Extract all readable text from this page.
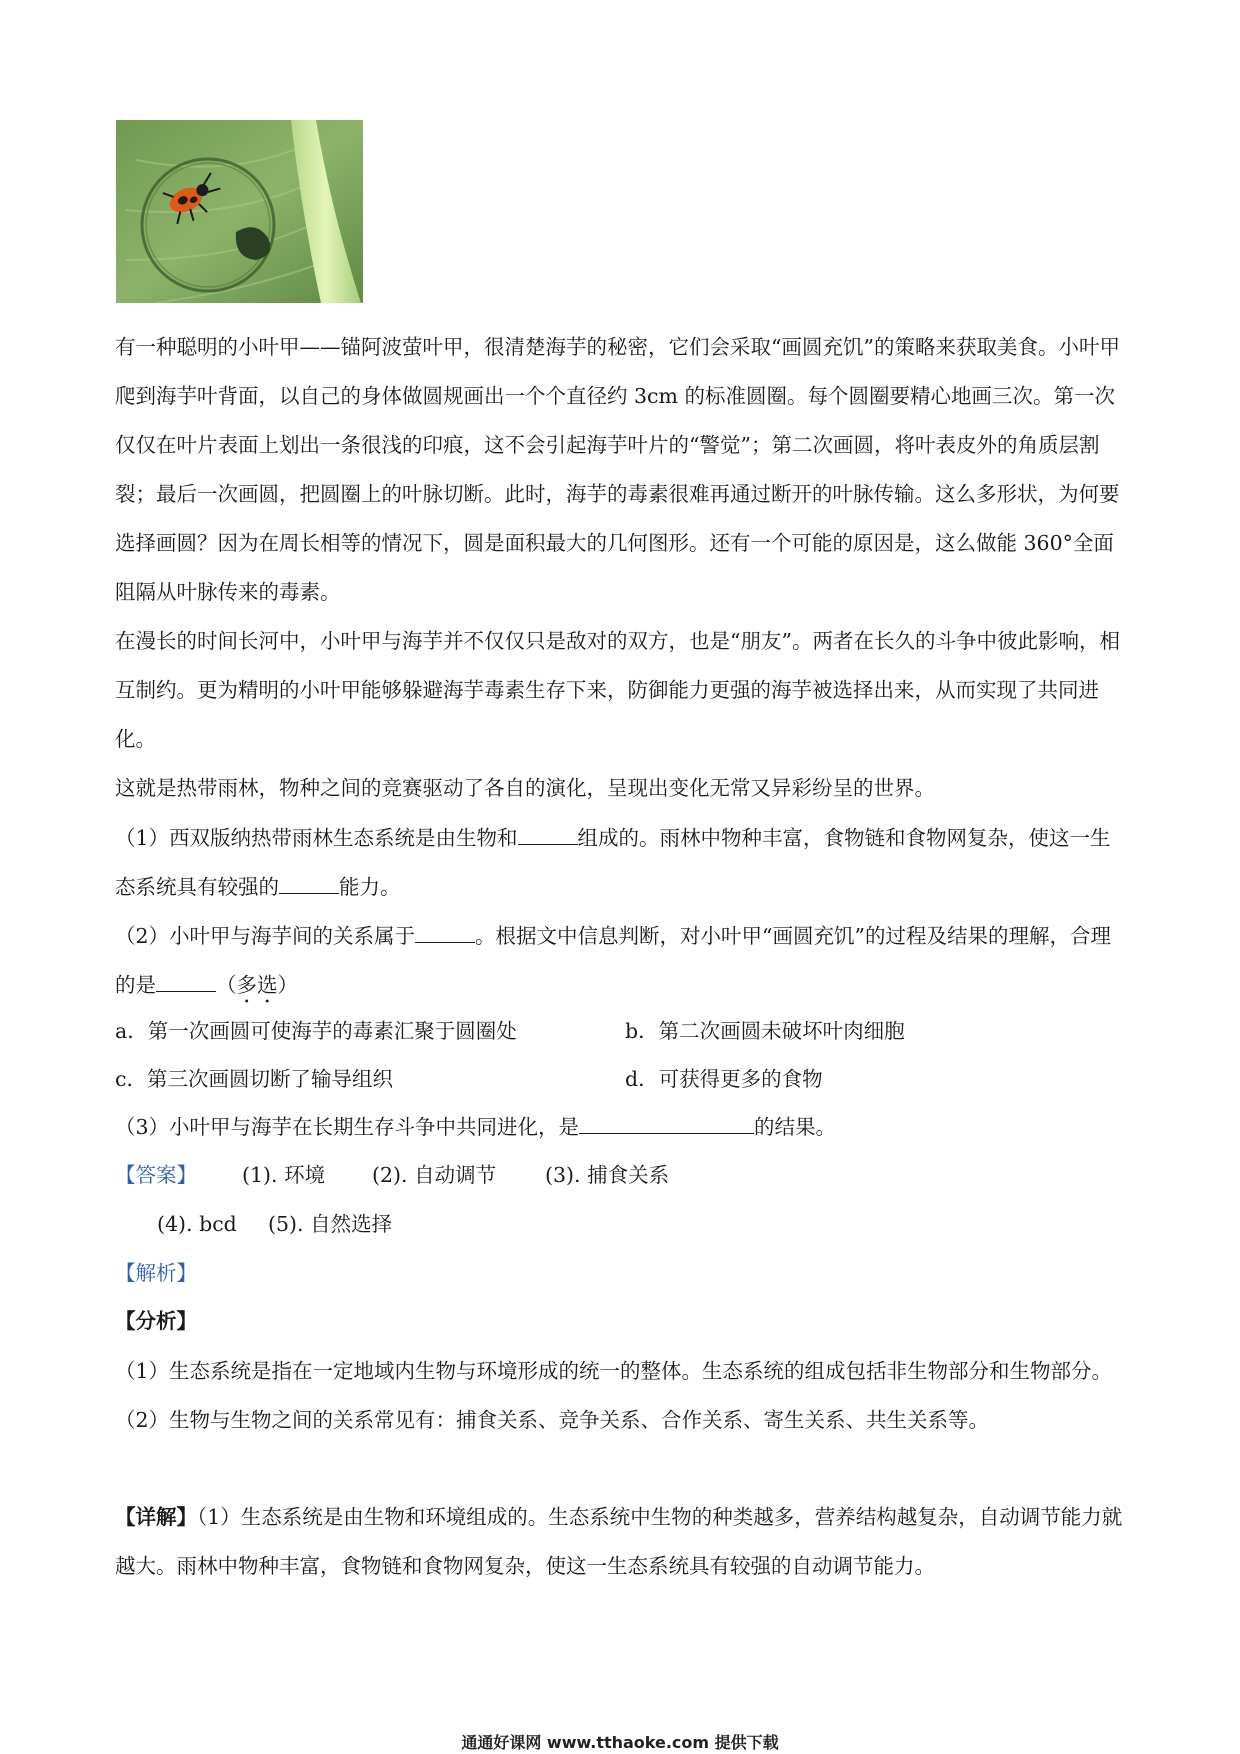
有一种聪明的小叶甲——锚阿波萤叶甲，很清楚海芋的秘密，它们会采取“画圆充饥”的策略来获取美食。小叶甲爬到海芋叶背面，以自己的身体做圆规画出一个个直径约 3cm 的标准圆圈。每个圆圈要精心地画三次。第一次仅仅在叶片表面上划出一条很浅的印痕，这不会引起海芋叶片的“警觉”；第二次画圆，将叶表皮外的角质层割裂；最后一次画圆，把圆圈上的叶脉切断。此时，海芋的毒素很难再通过断开的叶脉传输。这么多形状，为何要选择画圆？因为在周长相等的情况下，圆是面积最大的几何图形。还有一个可能的原因是，这么做能 360°全面阻隔从叶脉传来的毒素。

在漫长的时间长河中，小叶甲与海芋并不仅仅只是敌对的双方，也是“朋友”。两者在长久的斗争中彼此影响，相互制约。更为精明的小叶甲能够躲避海芋毒素生存下来，防御能力更强的海芋被选择出来，从而实现了共同进化。

这就是热带雨林，物种之间的竞赛驱动了各自的演化，呈现出变化无常又异彩纷呈的世界。

（1）西双版纳热带雨林生态系统是由生物和	组成的。雨林中物种丰富，食物链和食物网复杂，使这一生态系统具有较强的	能力。

（2）小叶甲与海芋间的关系属于	。根据文中信息判断，对小叶甲“画圆充饥”的过程及结果的理解，合理的是	（多选）

a．第一次画圆可使海芋的毒素汇聚于圆圈处	b．第二次画圆未破坏叶肉细胞
c．第三次画圆切断了输导组织	d．可获得更多的食物

（3）小叶甲与海芋在长期生存斗争中共同进化，是	的结果。

【答案】 (1). 环境 (2). 自动调节 (3). 捕食关系
(4). bcd (5). 自然选择
【解析】
【分析】

（1）生态系统是指在一定地域内生物与环境形成的统一的整体。生态系统的组成包括非生物部分和生物部分。

（2）生物与生物之间的关系常见有：捕食关系、竞争关系、合作关系、寄生关系、共生关系等。

【详解】（1）生态系统是由生物和环境组成的。生态系统中生物的种类越多，营养结构越复杂，自动调节能力就越大。雨林中物种丰富，食物链和食物网复杂，使这一生态系统具有较强的自动调节能力。

通通好课网 www.tthaoke.com 提供下载
